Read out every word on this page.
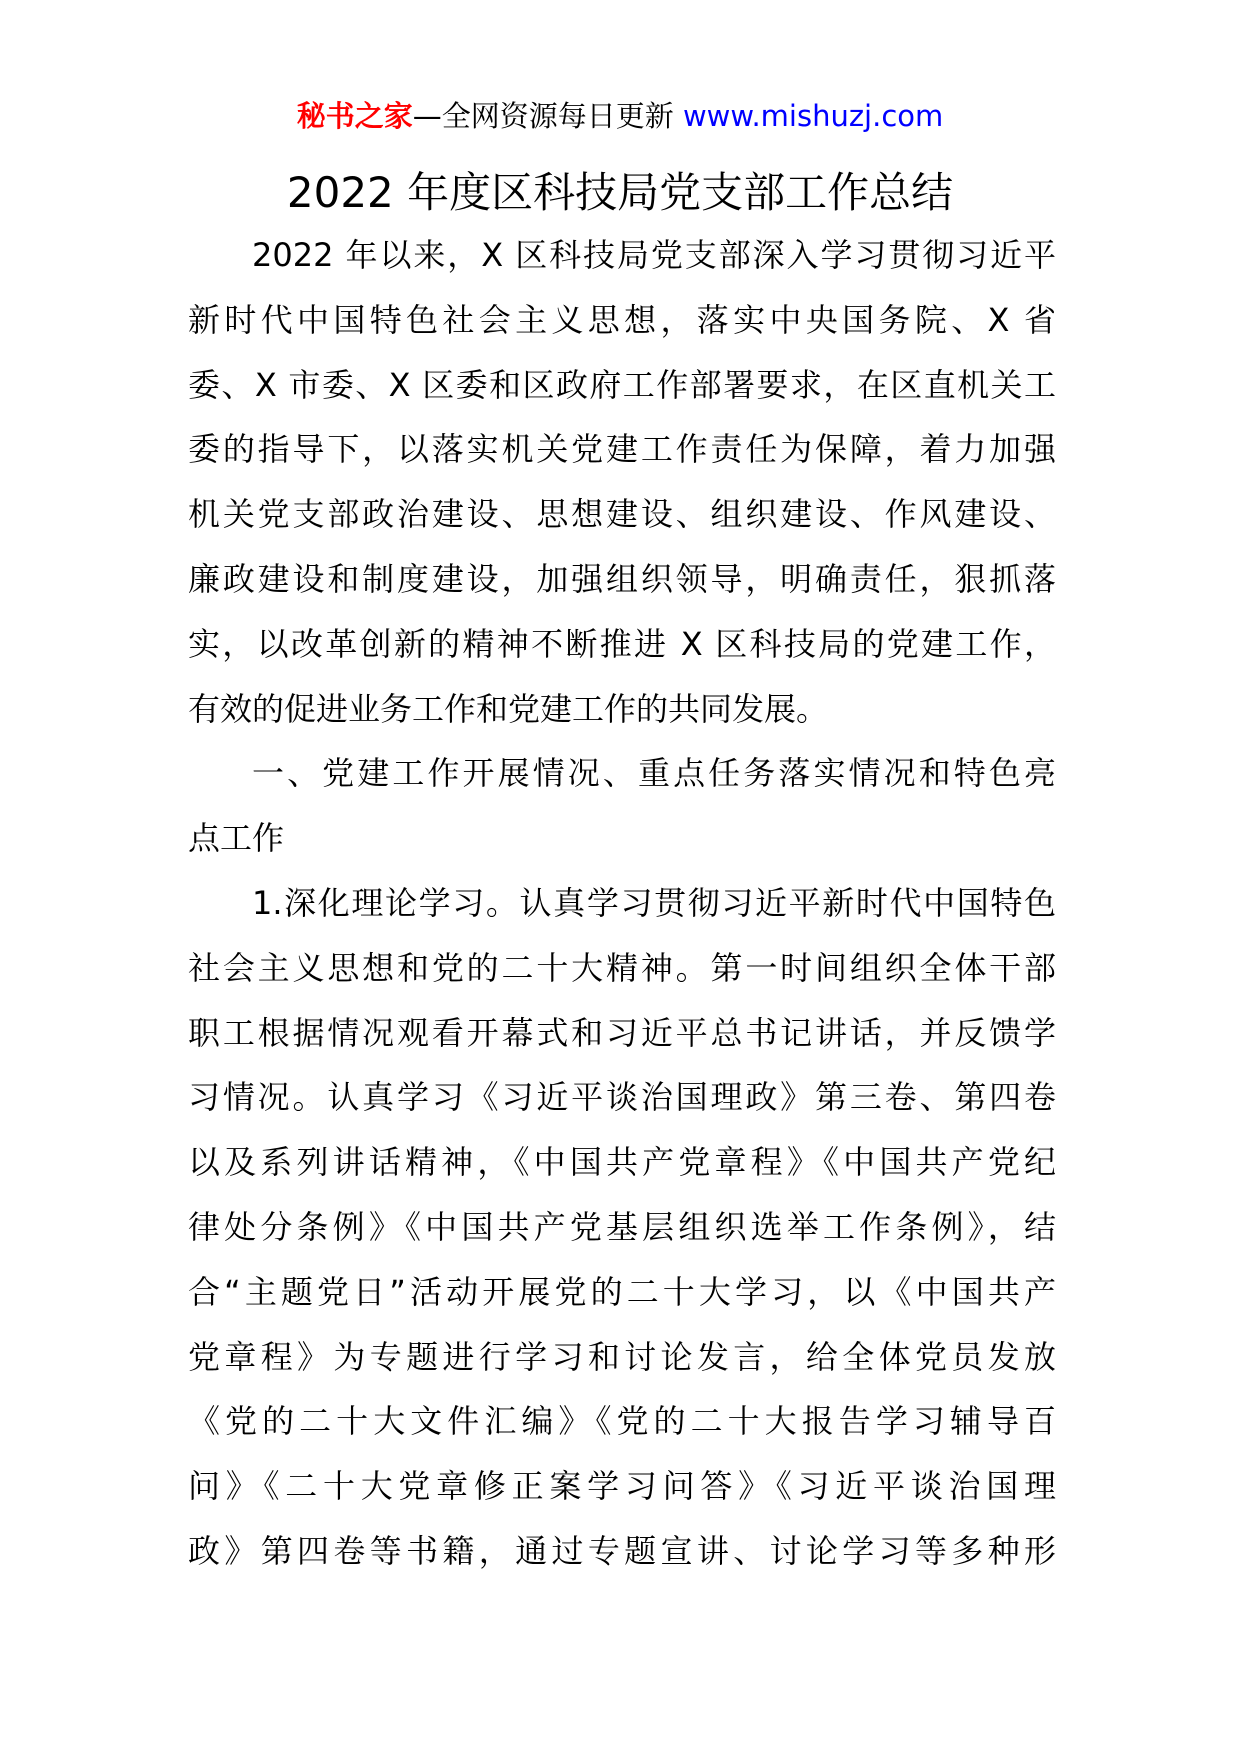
秘书之家—全网资源每日更新 www.mishuzj.com
2022 年度区科技局党支部工作总结
2022 年以来，X 区科技局党支部深入学习贯彻习近平
新时代中国特色社会主义思想，落实中央国务院、X 省
委、X 市委、X 区委和区政府工作部署要求，在区直机关工
委的指导下，以落实机关党建工作责任为保障，着力加强
机关党支部政治建设、思想建设、组织建设、作风建设、
廉政建设和制度建设，加强组织领导，明确责任，狠抓落
实，以改革创新的精神不断推进 X 区科技局的党建工作，
有效的促进业务工作和党建工作的共同发展。
一、党建工作开展情况、重点任务落实情况和特色亮
点工作
1.深化理论学习。认真学习贯彻习近平新时代中国特色
社会主义思想和党的二十大精神。第一时间组织全体干部
职工根据情况观看开幕式和习近平总书记讲话，并反馈学
习情况。认真学习《习近平谈治国理政》第三卷、第四卷
以及系列讲话精神，《中国共产党章程》《中国共产党纪
律处分条例》《中国共产党基层组织选举工作条例》，结
合“主题党日”活动开展党的二十大学习，以《中国共产
党章程》为专题进行学习和讨论发言，给全体党员发放
《党的二十大文件汇编》《党的二十大报告学习辅导百
问》《二十大党章修正案学习问答》《习近平谈治国理
政》第四卷等书籍，通过专题宣讲、讨论学习等多种形
